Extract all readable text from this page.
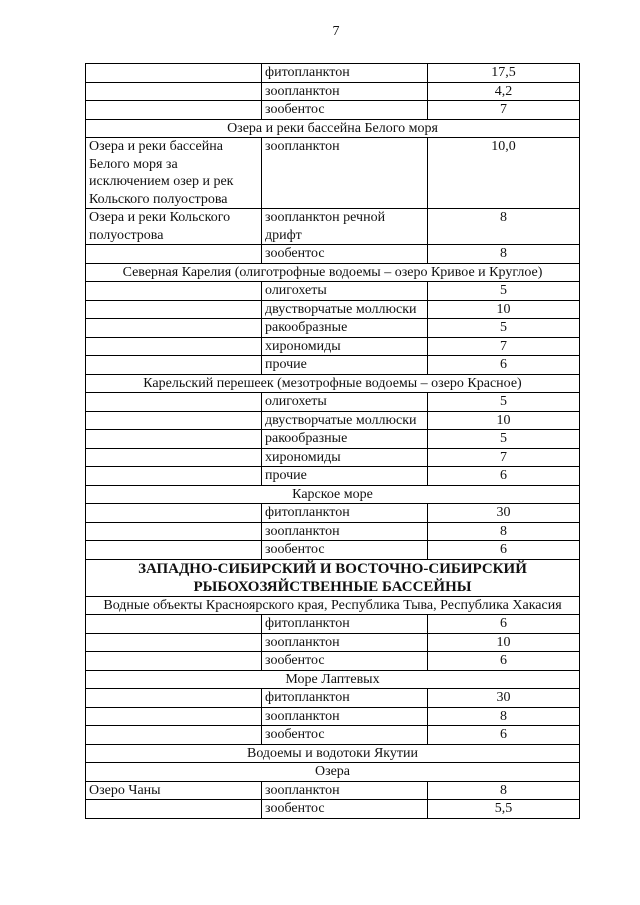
7
	фитопланктон	17,5
	зоопланктон	4,2
	зообентос	7
Озера и реки бассейна Белого моря		
Озера и реки бассейна Белого моря за исключением озер и рек Кольского полуострова	зоопланктон	10,0
Озера и реки Кольского полуострова	зоопланктон речной дрифт	8
	зообентос	8
Северная Карелия (олиготрофные водоемы – озеро Кривое и Круглое)		
	олигохеты	5
	двустворчатые моллюски	10
	ракообразные	5
	хирономиды	7
	прочие	6
Карельский перешеек (мезотрофные водоемы – озеро Красное)		
	олигохеты	5
	двустворчатые моллюски	10
	ракообразные	5
	хирономиды	7
	прочие	6
Карское море		
	фитопланктон	30
	зоопланктон	8
	зообентос	6
ЗАПАДНО-СИБИРСКИЙ И ВОСТОЧНО-СИБИРСКИЙ РЫБОХОЗЯЙСТВЕННЫЕ БАССЕЙНЫ		
Водные объекты Красноярского края, Республика Тыва, Республика Хакасия		
	фитопланктон	6
	зоопланктон	10
	зообентос	6
Море Лаптевых		
	фитопланктон	30
	зоопланктон	8
	зообентос	6
Водоемы и водотоки Якутии		
Озера		
Озеро Чаны	зоопланктон	8
	зообентос	5,5
